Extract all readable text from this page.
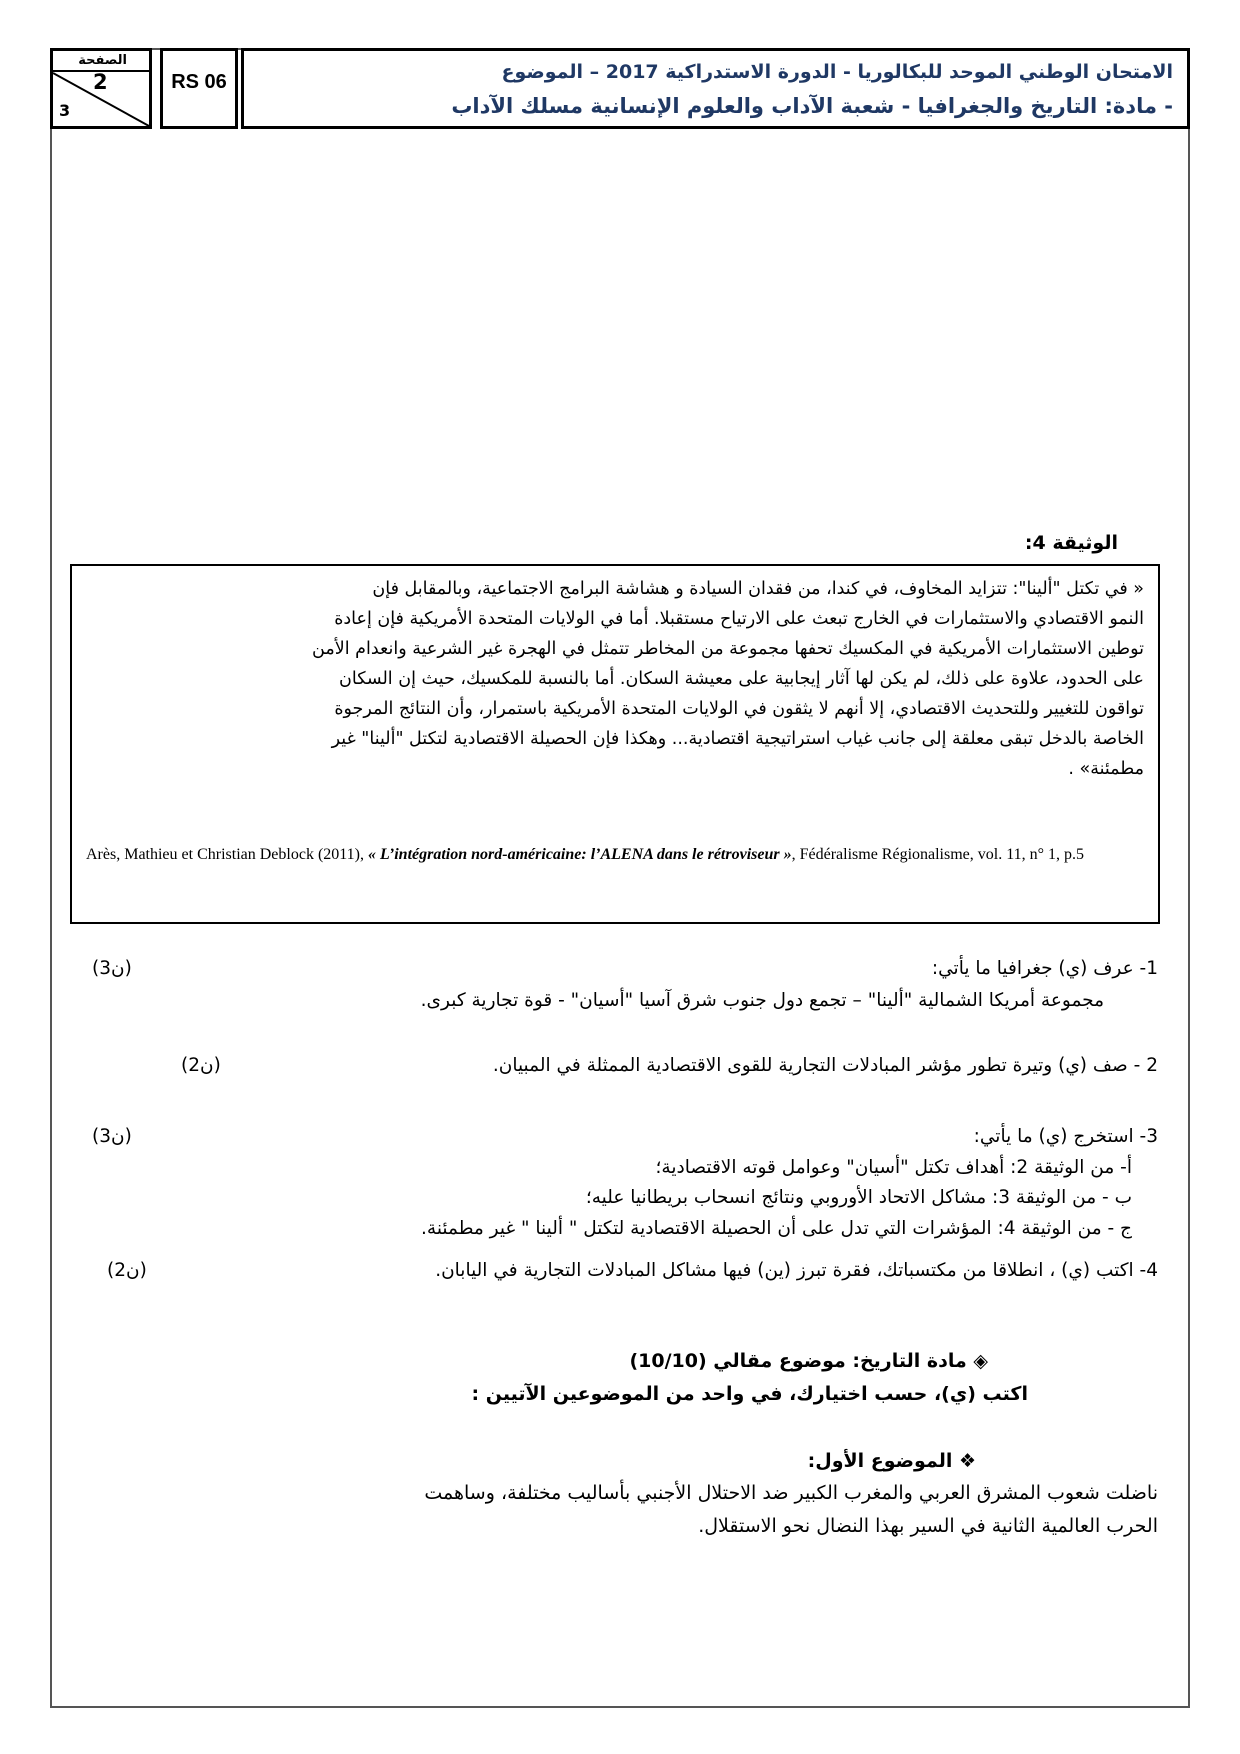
الصفحة
2
3
RS 06	الامتحان الوطني الموحد للبكالوريا - الدورة الاستدراكية 2017 – الموضوع
- مادة: التاريخ والجغرافيا - شعبة الآداب والعلوم الإنسانية مسلك الآداب
الوثيقة 4:
« في تكتل "ألينا": تتزايد المخاوف، في كندا، من فقدان السيادة و هشاشة البرامج الاجتماعية، وبالمقابل فإن
النمو الاقتصادي والاستثمارات في الخارج تبعث على الارتياح مستقبلا. أما في الولايات المتحدة الأمريكية فإن إعادة
توطين الاستثمارات الأمريكية في المكسيك تحفها مجموعة من المخاطر تتمثل في الهجرة غير الشرعية وانعدام الأمن
على الحدود، علاوة على ذلك، لم يكن لها آثار إيجابية على معيشة السكان. أما بالنسبة للمكسيك، حيث إن السكان
تواقون للتغيير وللتحديث الاقتصادي، إلا أنهم لا يثقون في الولايات المتحدة الأمريكية باستمرار، وأن النتائج المرجوة
الخاصة بالدخل تبقى معلقة إلى جانب غياب استراتيجية اقتصادية... وهكذا فإن الحصيلة الاقتصادية لتكتل "ألينا" غير
مطمئنة» .
Arès, Mathieu et Christian Deblock (2011), « L’intégration nord-américaine: l’ALENA dans le rétroviseur », Fédéralisme Régionalisme, vol. 11, n° 1, p.5
1- عرف (ي) جغرافيا ما يأتي:
(3ن)
مجموعة أمريكا الشمالية "ألينا" – تجمع دول جنوب شرق آسيا "أسيان" - قوة تجارية كبرى.
2 - صف (ي) وتيرة تطور مؤشر المبادلات التجارية للقوى الاقتصادية الممثلة في المبيان.
(2ن)
3- استخرج (ي) ما يأتي:
(3ن)
أ- من الوثيقة 2: أهداف تكتل "أسيان" وعوامل قوته الاقتصادية؛
ب - من الوثيقة 3: مشاكل الاتحاد الأوروبي ونتائج انسحاب بريطانيا عليه؛
ج - من الوثيقة 4: المؤشرات التي تدل على أن الحصيلة الاقتصادية لتكتل " ألينا " غير مطمئنة.
4- اكتب (ي) ، انطلاقا من مكتسباتك، فقرة تبرز (ين) فيها مشاكل المبادلات التجارية في اليابان.
(2ن)
◈ مادة التاريخ: موضوع مقالي (10/10)
اكتب (ي)، حسب اختيارك، في واحد من الموضوعين الآتيين :
❖ الموضوع الأول:
ناضلت شعوب المشرق العربي والمغرب الكبير ضد الاحتلال الأجنبي بأساليب مختلفة، وساهمت
الحرب العالمية الثانية في السير بهذا النضال نحو الاستقلال.
